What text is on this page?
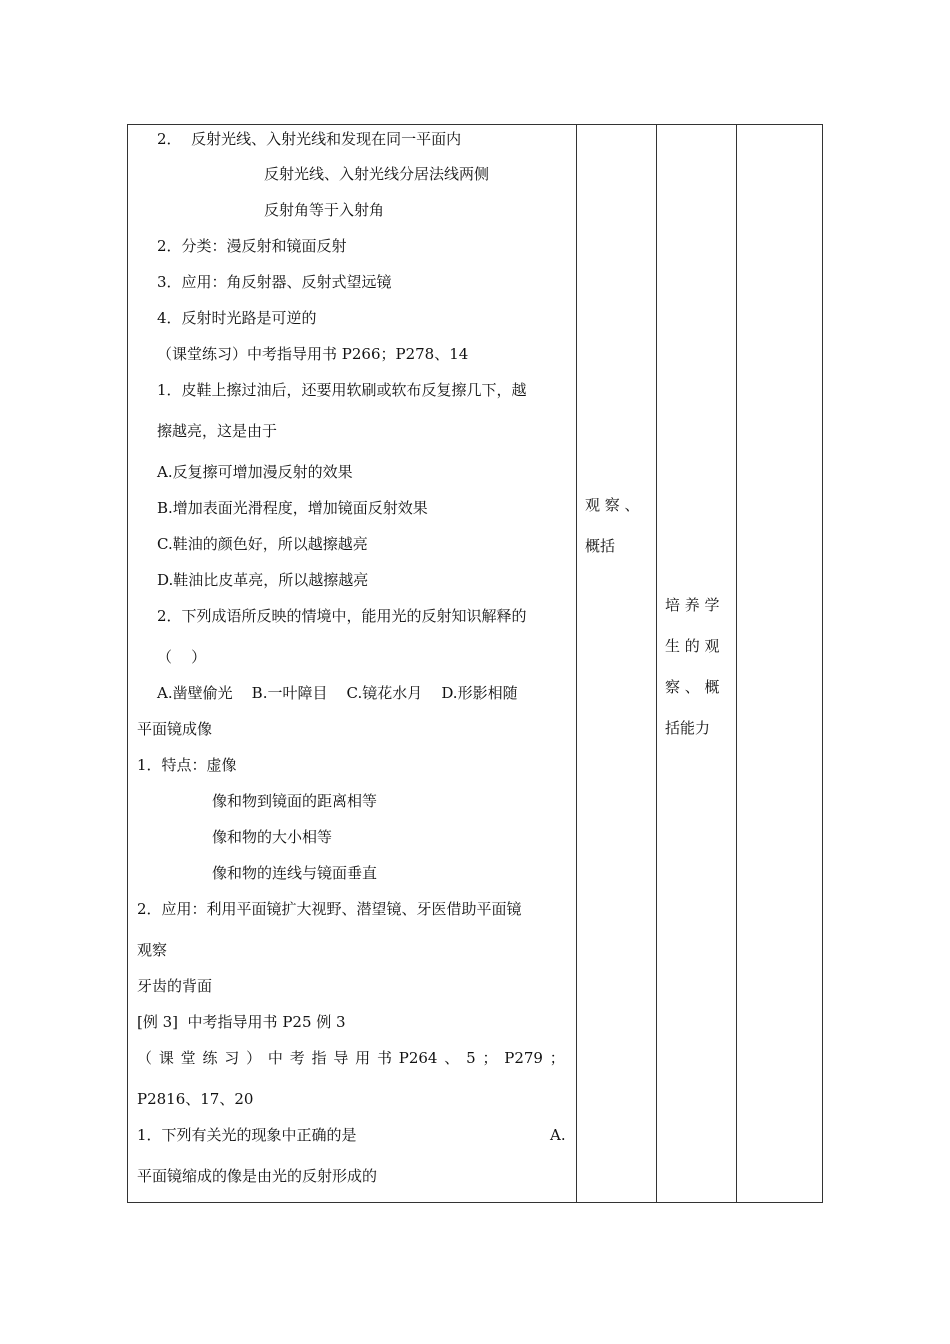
2．  反射光线、入射光线和发现在同一平面内
反射光线、入射光线分居法线两侧
反射角等于入射角
2．分类：漫反射和镜面反射
3．应用：角反射器、反射式望远镜
4．反射时光路是可逆的
（课堂练习）中考指导用书 P266；P278、14
1．皮鞋上擦过油后，还要用软刷或软布反复擦几下，越
擦越亮，这是由于
A.反复擦可增加漫反射的效果
B.增加表面光滑程度，增加镜面反射效果
C.鞋油的颜色好，所以越擦越亮
D.鞋油比皮革亮，所以越擦越亮
2．下列成语所反映的情境中，能用光的反射知识解释的
（    ）
A.凿壁偷光    B.一叶障目    C.镜花水月    D.形影相随
平面镜成像
1．特点：虚像
像和物到镜面的距离相等
像和物的大小相等
像和物的连线与镜面垂直
2．应用：利用平面镜扩大视野、潜望镜、牙医借助平面镜
观察
牙齿的背面
[例 3]  中考指导用书 P25 例 3
（ 课 堂 练 习 ） 中 考 指 导 用 书 P264 、 5 ； P279 ；
P2816、17、20
1．下列有关光的现象中正确的是	A.
平面镜缩成的像是由光的反射形成的
观 察 、
概括
培 养 学
生 的 观
察 、 概
括能力
